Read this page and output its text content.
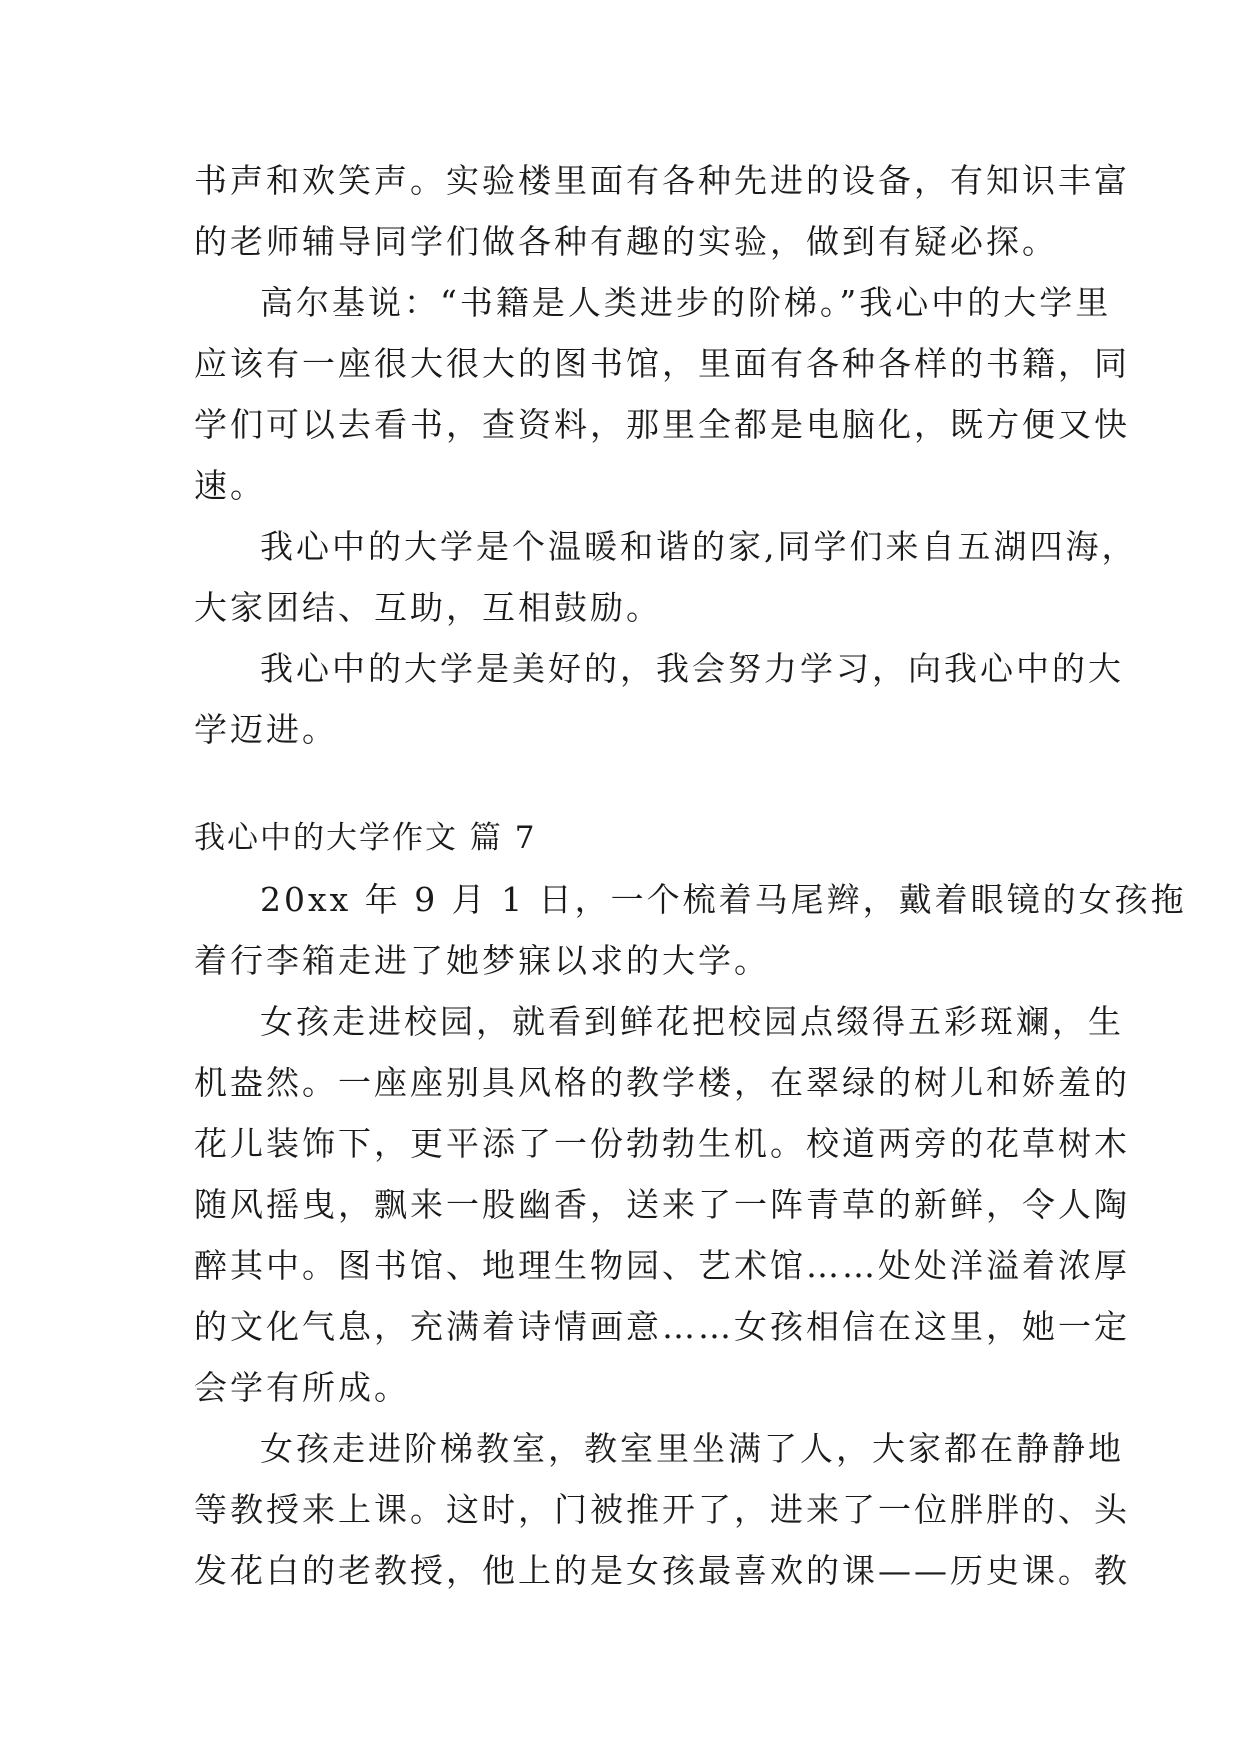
书声和欢笑声。实验楼里面有各种先进的设备，有知识丰富
的老师辅导同学们做各种有趣的实验，做到有疑必探。
高尔基说：“书籍是人类进步的阶梯。”我心中的大学里
应该有一座很大很大的图书馆，里面有各种各样的书籍，同
学们可以去看书，查资料，那里全都是电脑化，既方便又快
速。
我心中的大学是个温暖和谐的家,同学们来自五湖四海，
大家团结、互助，互相鼓励。
我心中的大学是美好的，我会努力学习，向我心中的大
学迈进。
我心中的大学作文 篇 7
20xx 年 9 月 1 日，一个梳着马尾辫，戴着眼镜的女孩拖
着行李箱走进了她梦寐以求的大学。
女孩走进校园，就看到鲜花把校园点缀得五彩斑斓，生
机盎然。一座座别具风格的教学楼，在翠绿的树儿和娇羞的
花儿装饰下，更平添了一份勃勃生机。校道两旁的花草树木
随风摇曳，飘来一股幽香，送来了一阵青草的新鲜，令人陶
醉其中。图书馆、地理生物园、艺术馆……处处洋溢着浓厚
的文化气息，充满着诗情画意……女孩相信在这里，她一定
会学有所成。
女孩走进阶梯教室，教室里坐满了人，大家都在静静地
等教授来上课。这时，门被推开了，进来了一位胖胖的、头
发花白的老教授，他上的是女孩最喜欢的课——历史课。教
